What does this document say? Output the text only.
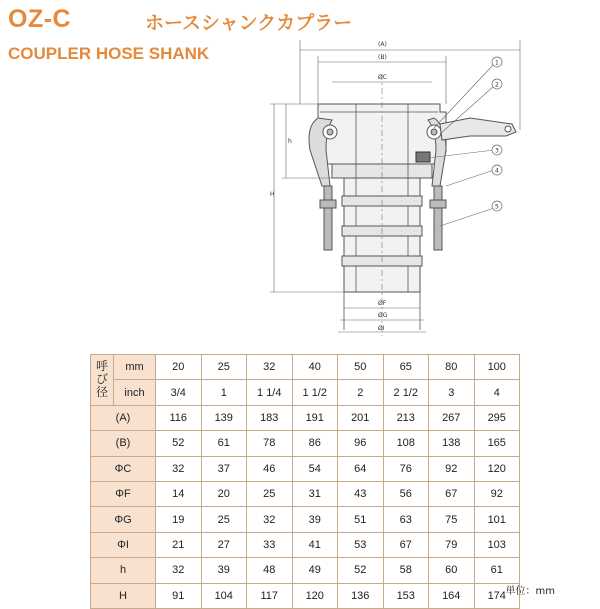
OZ-C	ホースシャンクカプラー
COUPLER HOSE SHANK	(A)
(B)
ØC
ØF
ØG
ØI
h
H
1
2
3
4
5
呼
び
径	mm	20	25	32	40	50	65	80	100
	inch	3/4	1	1 1/4	1 1/2	2	2 1/2	3	4
(A)		116	139	183	191	201	213	267	295
(B)		52	61	78	86	96	108	138	165
ΦC		32	37	46	54	64	76	92	120
ΦF		14	20	25	31	43	56	67	92
ΦG		19	25	32	39	51	63	75	101
ΦI		21	27	33	41	53	67	79	103
h		32	39	48	49	52	58	60	61
H		91	104	117	120	136	153	164	174 単位：mm
